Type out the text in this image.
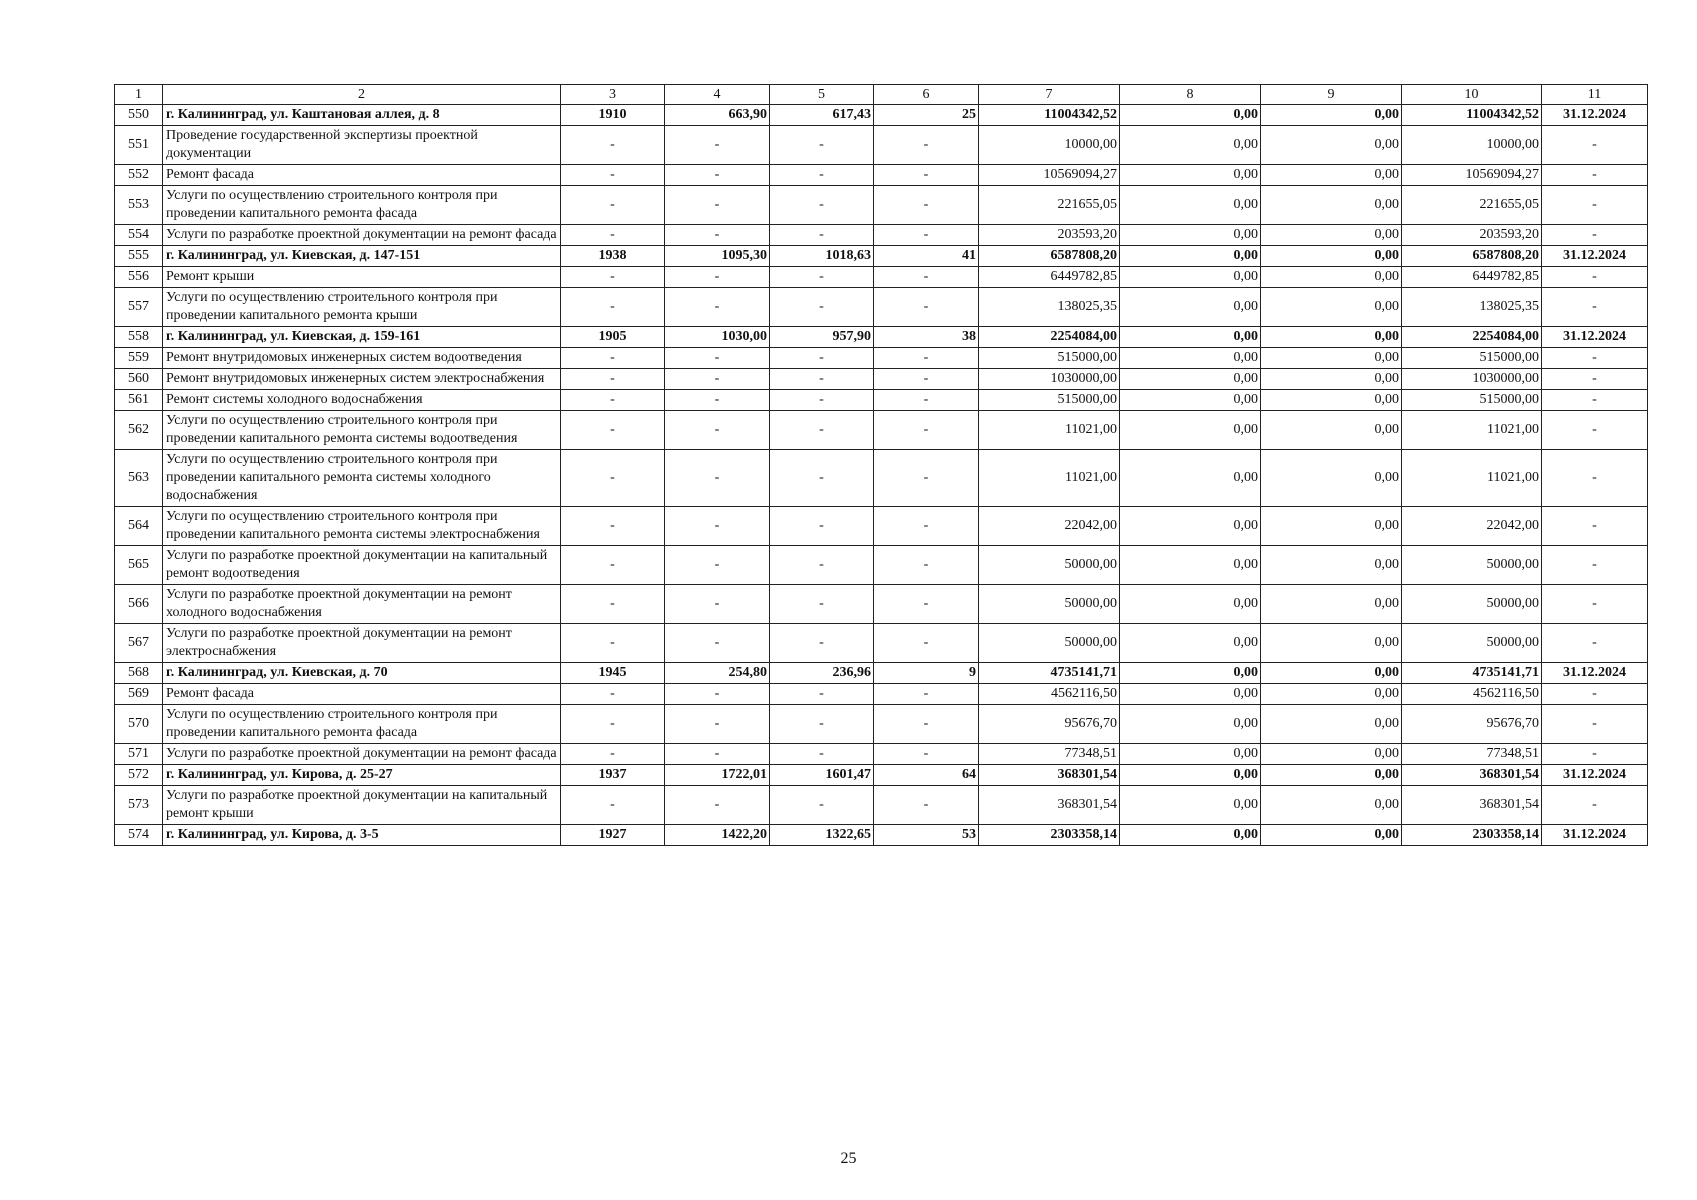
1	2	3	4	5	6	7	8	9	10	11
550	г. Калининград, ул. Каштановая аллея, д. 8	1910	663,90	617,43	25	11004342,52	0,00	0,00	11004342,52	31.12.2024
551	Проведение государственной экспертизы проектной документации	-	-	-	-	10000,00	0,00	0,00	10000,00	-
552	Ремонт фасада	-	-	-	-	10569094,27	0,00	0,00	10569094,27	-
553	Услуги по осуществлению строительного контроля при проведении капитального ремонта фасада	-	-	-	-	221655,05	0,00	0,00	221655,05	-
554	Услуги по разработке проектной документации на ремонт фасада	-	-	-	-	203593,20	0,00	0,00	203593,20	-
555	г. Калининград, ул. Киевская, д. 147-151	1938	1095,30	1018,63	41	6587808,20	0,00	0,00	6587808,20	31.12.2024
556	Ремонт крыши	-	-	-	-	6449782,85	0,00	0,00	6449782,85	-
557	Услуги по осуществлению строительного контроля при проведении капитального ремонта крыши	-	-	-	-	138025,35	0,00	0,00	138025,35	-
558	г. Калининград, ул. Киевская, д. 159-161	1905	1030,00	957,90	38	2254084,00	0,00	0,00	2254084,00	31.12.2024
559	Ремонт внутридомовых инженерных систем водоотведения	-	-	-	-	515000,00	0,00	0,00	515000,00	-
560	Ремонт внутридомовых инженерных систем электроснабжения	-	-	-	-	1030000,00	0,00	0,00	1030000,00	-
561	Ремонт системы холодного водоснабжения	-	-	-	-	515000,00	0,00	0,00	515000,00	-
562	Услуги по осуществлению строительного контроля при проведении капитального ремонта системы водоотведения	-	-	-	-	11021,00	0,00	0,00	11021,00	-
563	Услуги по осуществлению строительного контроля при проведении капитального ремонта системы холодного водоснабжения	-	-	-	-	11021,00	0,00	0,00	11021,00	-
564	Услуги по осуществлению строительного контроля при проведении капитального ремонта системы электроснабжения	-	-	-	-	22042,00	0,00	0,00	22042,00	-
565	Услуги по разработке проектной документации на капитальный ремонт водоотведения	-	-	-	-	50000,00	0,00	0,00	50000,00	-
566	Услуги по разработке проектной документации на ремонт холодного водоснабжения	-	-	-	-	50000,00	0,00	0,00	50000,00	-
567	Услуги по разработке проектной документации на ремонт электроснабжения	-	-	-	-	50000,00	0,00	0,00	50000,00	-
568	г. Калининград, ул. Киевская, д. 70	1945	254,80	236,96	9	4735141,71	0,00	0,00	4735141,71	31.12.2024
569	Ремонт фасада	-	-	-	-	4562116,50	0,00	0,00	4562116,50	-
570	Услуги по осуществлению строительного контроля при проведении капитального ремонта фасада	-	-	-	-	95676,70	0,00	0,00	95676,70	-
571	Услуги по разработке проектной документации на ремонт фасада	-	-	-	-	77348,51	0,00	0,00	77348,51	-
572	г. Калининград, ул. Кирова, д. 25-27	1937	1722,01	1601,47	64	368301,54	0,00	0,00	368301,54	31.12.2024
573	Услуги по разработке проектной документации на капитальный ремонт крыши	-	-	-	-	368301,54	0,00	0,00	368301,54	-
574	г. Калининград, ул. Кирова, д. 3-5	1927	1422,20	1322,65	53	2303358,14	0,00	0,00	2303358,14	31.12.2024
25
